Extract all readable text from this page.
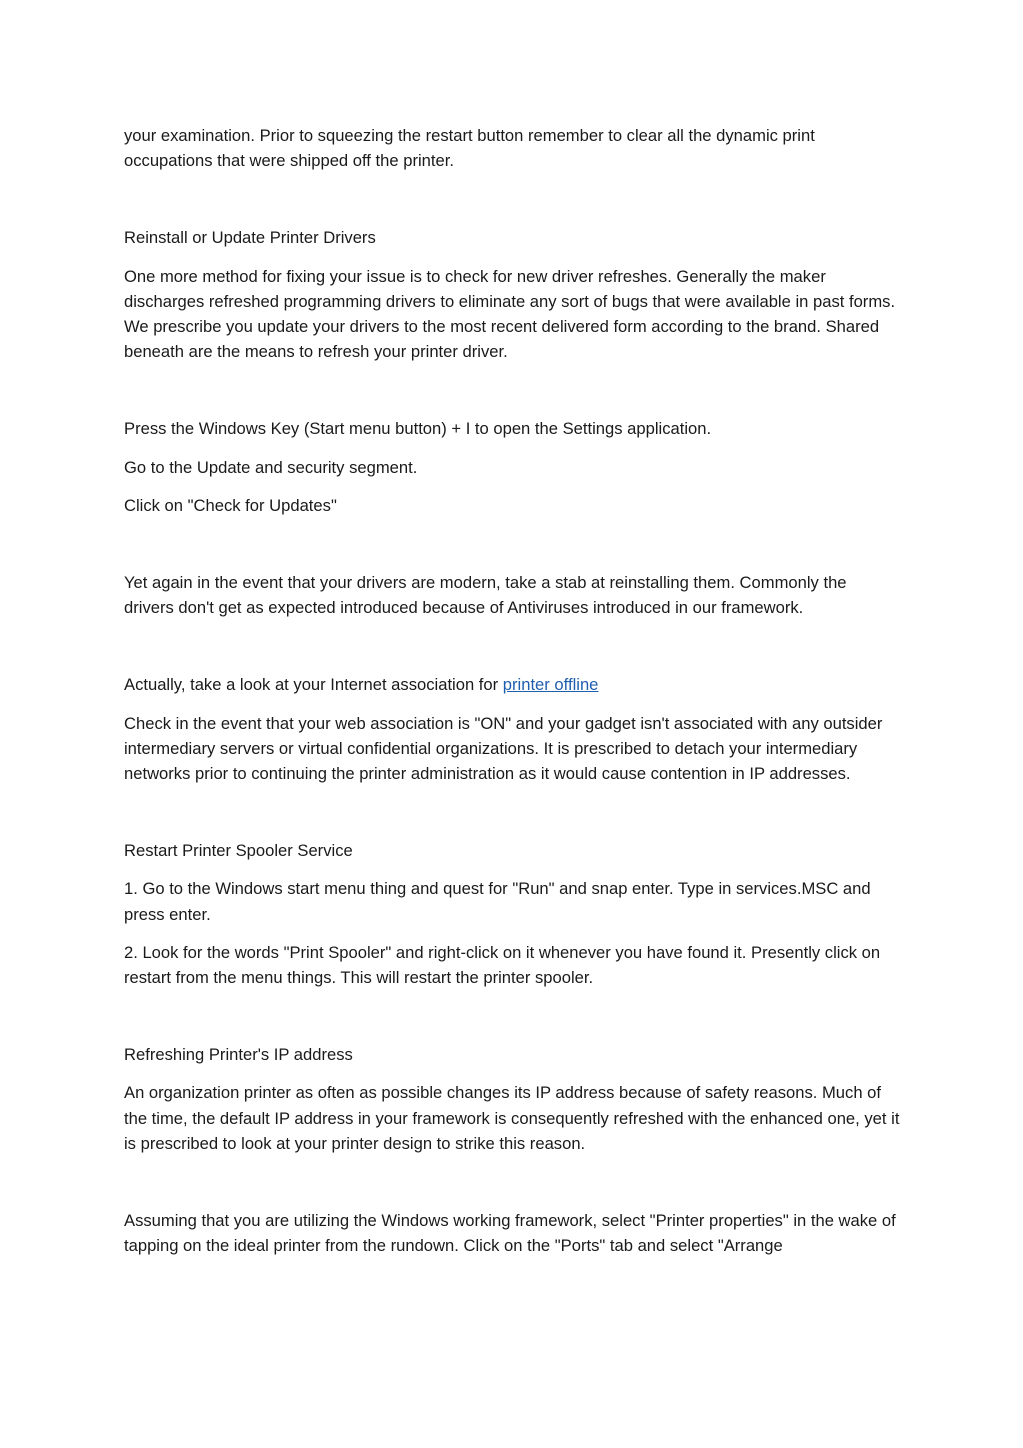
your examination. Prior to squeezing the restart button remember to clear all the dynamic print occupations that were shipped off the printer.

Reinstall or Update Printer Drivers

One more method for fixing your issue is to check for new driver refreshes. Generally the maker discharges refreshed programming drivers to eliminate any sort of bugs that were available in past forms. We prescribe you update your drivers to the most recent delivered form according to the brand. Shared beneath are the means to refresh your printer driver.

Press the Windows Key (Start menu button) + I to open the Settings application.

Go to the Update and security segment.

Click on "Check for Updates"

Yet again in the event that your drivers are modern, take a stab at reinstalling them. Commonly the drivers don't get as expected introduced because of Antiviruses introduced in our framework.

Actually, take a look at your Internet association for printer offline

Check in the event that your web association is "ON" and your gadget isn't associated with any outsider intermediary servers or virtual confidential organizations. It is prescribed to detach your intermediary networks prior to continuing the printer administration as it would cause contention in IP addresses.

Restart Printer Spooler Service

1. Go to the Windows start menu thing and quest for "Run" and snap enter. Type in services.MSC and press enter.

2. Look for the words "Print Spooler" and right-click on it whenever you have found it. Presently click on restart from the menu things. This will restart the printer spooler.

Refreshing Printer's IP address

An organization printer as often as possible changes its IP address because of safety reasons. Much of the time, the default IP address in your framework is consequently refreshed with the enhanced one, yet it is prescribed to look at your printer design to strike this reason.

Assuming that you are utilizing the Windows working framework, select "Printer properties" in the wake of tapping on the ideal printer from the rundown. Click on the "Ports" tab and select "Arrange
